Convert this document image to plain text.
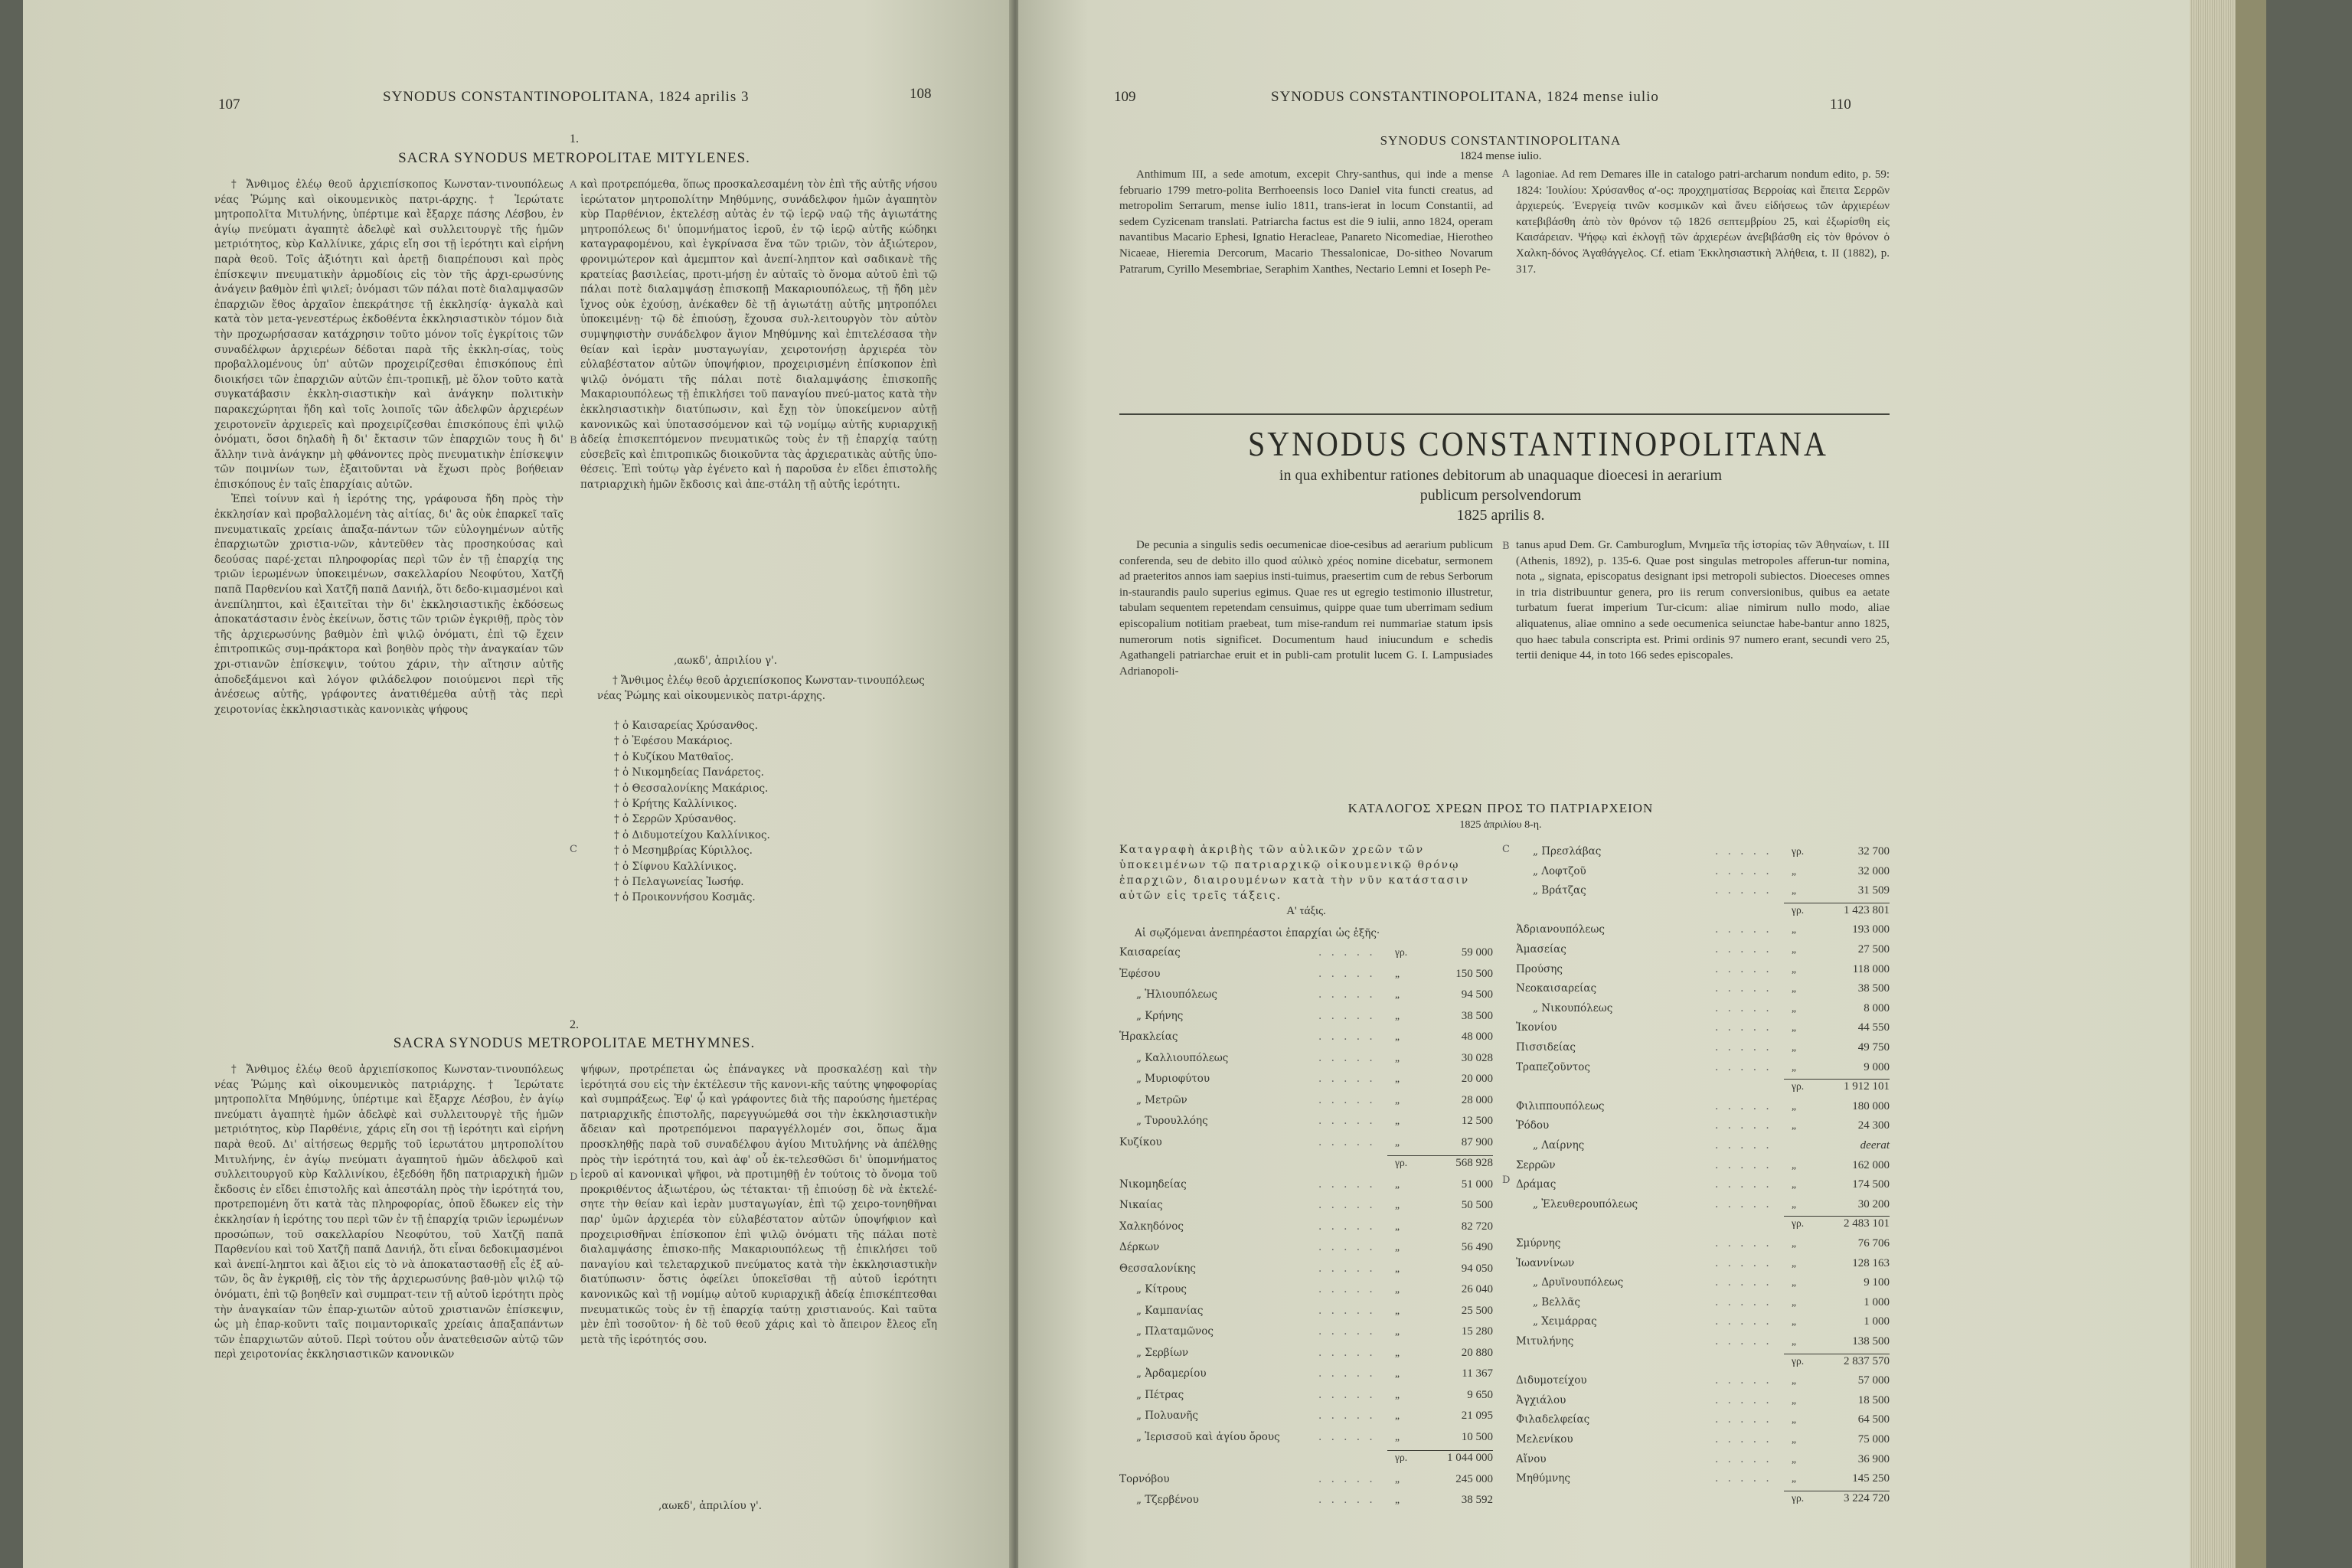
107	SYNODUS CONSTANTINOPOLITANA, 1824 aprilis 3	108
1.
SACRA SYNODUS METROPOLITAE MITYLENES.

† Ἄνθιμος ἐλέῳ θεοῦ ἀρχιεπίσκοπος Κωνσταν-τινουπόλεως νέας Ῥώμης καὶ οἰκουμενικὸς πατρι-άρχης. † Ἱερώτατε μητροπολῖτα Μιτυλήνης, ὑπέρτιμε καὶ ἔξαρχε πάσης Λέσβου, ἐν ἁγίῳ πνεύματι ἀγαπητὲ ἀδελφὲ καὶ συλλειτουργὲ τῆς ἡμῶν μετριότητος, κὺρ Καλλίνικε, χάρις εἴη σοι τῇ ἱερότητι καὶ εἰρήνη παρὰ θεοῦ. Τοῖς ἀξιότητι καὶ ἀρετῇ διαπρέπουσι καὶ πρὸς ἐπίσκεψιν πνευματικὴν ἁρμοδίοις εἰς τὸν τῆς ἀρχι-ερωσύνης ἀνάγειν βαθμὸν ἐπὶ ψιλεῖ; ὀνόμασι τῶν πάλαι ποτὲ διαλαμψασῶν ἐπαρχιῶν ἔθος ἀρχαῖον ἐπεκράτησε τῇ ἐκκλησίᾳ· ἀγκαλὰ καὶ κατὰ τὸν μετα-γενεστέρως ἐκδοθέντα ἐκκλησιαστικὸν τόμον διὰ τὴν προχωρήσασαν κατάχρησιν τοῦτο μόνον τοῖς ἐγκρίτοις τῶν συναδέλφων ἀρχιερέων δέδοται παρὰ τῆς ἐκκλη-σίας, τοὺς προβαλλομένους ὑπ' αὐτῶν προχειρίζεσθαι ἐπισκόπους ἐπὶ διοικήσει τῶν ἐπαρχιῶν αὐτῶν ἐπι-τροπικῇ, μὲ ὅλον τοῦτο κατὰ συγκατάβασιν ἐκκλη-σιαστικὴν καὶ ἀνάγκην πολιτικὴν παρακεχώρηται ἤδη καὶ τοῖς λοιποῖς τῶν ἀδελφῶν ἀρχιερέων χειροτονεῖν ἀρχιερεῖς καὶ προχειρίζεσθαι ἐπισκόπους ἐπὶ ψιλῷ ὀνόματι, ὅσοι δηλαδὴ ἢ δι' ἔκτασιν τῶν ἐπαρχιῶν τους ἢ δι' ἄλλην τινὰ ἀνάγκην μὴ φθάνοντες πρὸς πνευματικὴν ἐπίσκεψιν τῶν ποιμνίων των, ἐξαιτοῦνται νὰ ἔχωσι πρὸς βοήθειαν ἐπισκόπους ἐν ταῖς ἐπαρχίαις αὐτῶν.

Ἐπεὶ τοίνυν καὶ ἡ ἱερότης της, γράφουσα ἤδη πρὸς τὴν ἐκκλησίαν καὶ προβαλλομένη τὰς αἰτίας, δι' ἃς οὐκ ἐπαρκεῖ ταῖς πνευματικαῖς χρείαις ἁπαξα-πάντων τῶν εὐλογημένων αὐτῆς ἐπαρχιωτῶν χριστια-νῶν, κἀντεῦθεν τὰς προσηκούσας καὶ δεούσας παρέ-χεται πληροφορίας περὶ τῶν ἐν τῇ ἐπαρχίᾳ της τριῶν ἱερωμένων ὑποκειμένων, σακελλαρίου Νεοφύτου, Χατζῆ παπᾶ Παρθενίου καὶ Χατζῆ παπᾶ Δανιήλ, ὅτι δεδο-κιμασμένοι καὶ ἀνεπίληπτοι, καὶ ἐξαιτεῖται τὴν δι' ἐκκλησιαστικῆς ἐκδόσεως ἀποκατάστασιν ἑνὸς ἐκείνων, ὅστις τῶν τριῶν ἐγκριθῇ, πρὸς τὸν τῆς ἀρχιερωσύνης βαθμὸν ἐπὶ ψιλῷ ὀνόματι, ἐπὶ τῷ ἔχειν ἐπιτροπικῶς συμ-πράκτορα καὶ βοηθὸν πρὸς τὴν ἀναγκαίαν τῶν χρι-στιανῶν ἐπίσκεψιν, τούτου χάριν, τὴν αἴτησιν αὐτῆς ἀποδεξάμενοι καὶ λόγον φιλάδελφον ποιούμενοι περὶ τῆς ἀνέσεως αὐτῆς, γράφοντες ἀνατιθέμεθα αὐτῇ τὰς περὶ χειροτονίας ἐκκλησιαστικὰς κανονικὰς ψήφους

καὶ προτρεπόμεθα, ὅπως προσκαλεσαμένη τὸν ἐπὶ τῆς αὐτῆς νήσου ἱερώτατον μητροπολίτην Μηθύμνης, συνάδελφον ἡμῶν ἀγαπητὸν κὺρ Παρθένιον, ἐκτελέσῃ αὐτὰς ἐν τῷ ἱερῷ ναῷ τῆς ἁγιωτάτης μητροπόλεως δι' ὑπομνήματος ἱεροῦ, ἐν τῷ ἱερῷ αὐτῆς κώδηκι καταγραφομένου, καὶ ἐγκρίνασα ἕνα τῶν τριῶν, τὸν ἀξιώτερον, φρονιμώτερον καὶ ἀμεμπτον καὶ ἀνεπί-ληπτον καὶ σαδικανὲ τῆς κρατείας βασιλείας, προτι-μήσῃ ἐν αὐταῖς τὸ ὄνομα αὐτοῦ ἐπὶ τῷ πάλαι ποτὲ διαλαμψάσῃ ἐπισκοπῇ Μακαριουπόλεως, τῇ ἤδη μὲν ἴχνος οὐκ ἐχούσῃ, ἀνέκαθεν δὲ τῇ ἁγιωτάτῃ αὐτῆς μητροπόλει ὑποκειμένῃ· τῷ δὲ ἐπιούσῃ, ἔχουσα συλ-λειτουργὸν τὸν αὐτὸν συμψηφιστὴν συνάδελφον ἅγιον Μηθύμνης καὶ ἐπιτελέσασα τὴν θείαν καὶ ἱερὰν μυσταγωγίαν, χειροτονήσῃ ἀρχιερέα τὸν εὐλαβέστατον αὐτῶν ὑποψήφιον, προχειρισμένη ἐπίσκοπον ἐπὶ ψιλῷ ὀνόματι τῆς πάλαι ποτὲ διαλαμψάσης ἐπισκοπῆς Μακαριουπόλεως τῇ ἐπικλήσει τοῦ παναγίου πνεύ-ματος κατὰ τὴν ἐκκλησιαστικὴν διατύπωσιν, καὶ ἔχῃ τὸν ὑποκείμενον αὐτῇ κανονικῶς καὶ ὑποτασσόμενον καὶ τῷ νομίμῳ αὐτῆς κυριαρχικῇ ἀδείᾳ ἐπισκεπτόμενον πνευματικῶς τοὺς ἐν τῇ ἐπαρχίᾳ ταύτῃ εὐσεβεῖς καὶ ἐπιτροπικῶς διοικοῦντα τὰς ἀρχιερατικὰς αὐτῆς ὑπο-θέσεις. Ἐπὶ τούτῳ γὰρ ἐγένετο καὶ ἡ παροῦσα ἐν εἴδει ἐπιστολῆς πατριαρχικὴ ἡμῶν ἔκδοσις καὶ ἀπε-στάλη τῇ αὐτῆς ἱερότητι.

,αωκδ', ἀπριλίου γ'.
† Ἄνθιμος ἐλέῳ θεοῦ ἀρχιεπίσκοπος Κωνσταν-τινουπόλεως νέας Ῥώμης καὶ οἰκουμενικὸς πατρι-άρχης.
† ὁ Καισαρείας Χρύσανθος.
† ὁ Ἐφέσου Μακάριος.
† ὁ Κυζίκου Ματθαῖος.
† ὁ Νικομηδείας Πανάρετος.
† ὁ Θεσσαλονίκης Μακάριος.
† ὁ Κρήτης Καλλίνικος.
† ὁ Σερρῶν Χρύσανθος.
† ὁ Διδυμοτείχου Καλλίνικος.
† ὁ Μεσημβρίας Κύριλλος.
† ὁ Σίφνου Καλλίνικος.
† ὁ Πελαγωνείας Ἰωσήφ.
† ὁ Προικοννήσου Κοσμᾶς.
A
B
C
D
2.
SACRA SYNODUS METROPOLITAE METHYMNES.

† Ἄνθιμος ἐλέῳ θεοῦ ἀρχιεπίσκοπος Κωνσταν-τινουπόλεως νέας Ῥώμης καὶ οἰκουμενικὸς πατριάρχης. † Ἱερώτατε μητροπολῖτα Μηθύμνης, ὑπέρτιμε καὶ ἔξαρχε Λέσβου, ἐν ἁγίῳ πνεύματι ἀγαπητὲ ἡμῶν ἀδελφὲ καὶ συλλειτουργὲ τῆς ἡμῶν μετριότητος, κὺρ Παρθένιε, χάρις εἴη σοι τῇ ἱερότητι καὶ εἰρήνη παρὰ θεοῦ. Δι' αἰτήσεως θερμῆς τοῦ ἱερωτάτου μητροπολίτου Μιτυλήνης, ἐν ἁγίῳ πνεύματι ἀγαπητοῦ ἡμῶν ἀδελφοῦ καὶ συλλειτουργοῦ κὺρ Καλλινίκου, ἐξεδόθη ἤδη πατριαρχικὴ ἡμῶν ἔκδοσις ἐν εἴδει ἐπιστολῆς καὶ ἀπεστάλη πρὸς τὴν ἱερότητά του, προτρεπομένη ὅτι κατὰ τὰς πληροφορίας, ὁποῦ ἔδωκεν εἰς τὴν ἐκκλησίαν ἡ ἱερότης του περὶ τῶν ἐν τῇ ἐπαρχίᾳ τριῶν ἱερωμένων προσώπων, τοῦ σακελλαρίου Νεοφύτου, τοῦ Χατζῆ παπᾶ Παρθενίου καὶ τοῦ Χατζῆ παπᾶ Δανιήλ, ὅτι εἶναι δεδοκιμασμένοι καὶ ἀνεπί-ληπτοι καὶ ἄξιοι εἰς τὸ νὰ ἀποκαταστασθῇ εἷς ἐξ αὐ-τῶν, ὃς ἂν ἐγκριθῇ, εἰς τὸν τῆς ἀρχιερωσύνης βαθ-μὸν ψιλῷ τῷ ὀνόματι, ἐπὶ τῷ βοηθεῖν καὶ συμπρατ-τειν τῇ αὐτοῦ ἱερότητι πρὸς τὴν ἀναγκαίαν τῶν ἐπαρ-χιωτῶν αὐτοῦ χριστιανῶν ἐπίσκεψιν, ὡς μὴ ἐπαρ-κοῦντι ταῖς ποιμαντορικαῖς χρείαις ἁπαξαπάντων τῶν ἐπαρχιωτῶν αὐτοῦ. Περὶ τούτου οὖν ἀνατεθεισῶν αὐτῷ τῶν περὶ χειροτονίας ἐκκλησιαστικῶν κανονικῶν

ψήφων, προτρέπεται ὡς ἐπάναγκες νὰ προσκαλέσῃ καὶ τὴν ἱερότητά σου εἰς τὴν ἐκτέλεσιν τῆς κανονι-κῆς ταύτης ψηφοφορίας καὶ συμπράξεως. Ἐφ' ᾧ καὶ γράφοντες διὰ τῆς παρούσης ἡμετέρας πατριαρχικῆς ἐπιστολῆς, παρεγγυώμεθά σοι τὴν ἐκκλησιαστικὴν ἄδειαν καὶ προτρεπόμενοι παραγγέλλομέν σοι, ὅπως ἅμα προσκληθῇς παρὰ τοῦ συναδέλφου ἁγίου Μιτυλήνης νὰ ἀπέλθῃς πρὸς τὴν ἱερότητά του, καὶ ἀφ' οὗ ἐκ-τελεσθῶσι δι' ὑπομνήματος ἱεροῦ αἱ κανονικαὶ ψῆφοι, νὰ προτιμηθῇ ἐν τούτοις τὸ ὄνομα τοῦ προκριθέντος ἀξιωτέρου, ὡς τέτακται· τῇ ἐπιούσῃ δὲ νὰ ἐκτελέ-σητε τὴν θείαν καὶ ἱερὰν μυσταγωγίαν, ἐπὶ τῷ χειρο-τονηθῆναι παρ' ὑμῶν ἀρχιερέα τὸν εὐλαβέστατον αὐτῶν ὑποψήφιον καὶ προχειρισθῆναι ἐπίσκοπον ἐπὶ ψιλῷ ὀνόματι τῆς πάλαι ποτὲ διαλαμψάσης ἐπισκο-πῆς Μακαριουπόλεως τῇ ἐπικλήσει τοῦ παναγίου καὶ τελεταρχικοῦ πνεύματος κατὰ τὴν ἐκκλησιαστικὴν διατύπωσιν· ὅστις ὀφείλει ὑποκεῖσθαι τῇ αὐτοῦ ἱερότητι κανονικῶς καὶ τῇ νομίμῳ αὐτοῦ κυριαρχικῇ ἀδείᾳ ἐπισκέπτεσθαι πνευματικῶς τοὺς ἐν τῇ ἐπαρχίᾳ ταύτῃ χριστιανούς. Καὶ ταῦτα μὲν ἐπὶ τοσοῦτον· ἡ δὲ τοῦ θεοῦ χάρις καὶ τὸ ἄπειρον ἔλεος εἴη μετὰ τῆς ἱερότητός σου.

,αωκδ', ἀπριλίου γ'.
109	SYNODUS CONSTANTINOPOLITANA, 1824 mense iulio	110
SYNODUS CONSTANTINOPOLITANA
1824 mense iulio.

Anthimum III, a sede amotum, excepit Chry-santhus, qui inde a mense februario 1799 metro-polita Berrhoeensis loco Daniel vita functi creatus, ad metropolim Serrarum, mense iulio 1811, trans-ierat in locum Constantii, ad sedem Cyzicenam translati. Patriarcha factus est die 9 iulii, anno 1824, operam navantibus Macario Ephesi, Ignatio Heracleae, Panareto Nicomediae, Hierotheo Nicaeae, Hieremia Dercorum, Macario Thessalonicae, Do-sitheo Novarum Patrarum, Cyrillo Mesembriae, Seraphim Xanthes, Nectario Lemni et Ioseph Pe-

lagoniae. Ad rem Demares ille in catalogo patri-archarum nondum edito, p. 59: 1824: Ἰουλίου: Χρύσανθος α'-ος: προχχηματίσας Βερροίας καὶ ἔπειτα Σερρῶν ἀρχιερεύς. Ἐνεργείᾳ τινῶν κοσμικῶν καὶ ἄνευ εἰδήσεως τῶν ἀρχιερέων κατεβιβάσθη ἀπὸ τὸν θρόνον τῷ 1826 σεπτεμβρίου 25, καὶ ἐξωρίσθη εἰς Καισάρειαν. Ψήφῳ καὶ ἐκλογῇ τῶν ἀρχιερέων ἀνεβιβάσθη εἰς τὸν θρόνον ὁ Χαλκη-δόνος Ἀγαθάγγελος. Cf. etiam Ἐκκλησιαστικὴ Ἀλήθεια, t. II (1882), p. 317.

A
SYNODUS CONSTANTINOPOLITANA
in qua exhibentur rationes debitorum ab unaquaque dioecesi in aerarium
publicum persolvendorum
1825 aprilis 8.

De pecunia a singulis sedis oecumenicae dioe-cesibus ad aerarium publicum conferenda, seu de debito illo quod αὐλικὸ χρέος nomine dicebatur, sermonem ad praeteritos annos iam saepius insti-tuimus, praesertim cum de rebus Serborum in-staurandis paulo superius egimus. Quae res ut egregio testimonio illustretur, tabulam sequentem repetendam censuimus, quippe quae tum uberrimam sedium episcopalium notitiam praebeat, tum mise-randum rei nummariae statum ipsis numerorum notis significet. Documentum haud iniucundum e schedis Agathangeli patriarchae eruit et in publi-cam protulit lucem G. I. Lampusiades Adrianopoli-

tanus apud Dem. Gr. Camburoglum, Μνημεῖα τῆς ἱστορίας τῶν Ἀθηναίων, t. III (Athenis, 1892), p. 135-6. Quae post singulas metropoles afferun-tur nomina, nota „ signata, episcopatus designant ipsi metropoli subiectos. Dioeceses omnes in tria distribuuntur genera, pro iis rerum conversionibus, quibus ea aetate turbatum fuerat imperium Tur-cicum: aliae nimirum nullo modo, aliae aliquatenus, aliae omnino a sede oecumenica seiunctae habe-bantur anno 1825, quo haec tabula conscripta est. Primi ordinis 97 numero erant, secundi vero 25, tertii denique 44, in toto 166 sedes episcopales.

B
ΚΑΤΑΛΟΓΟΣ ΧΡΕΩΝ ΠΡΟΣ ΤΟ ΠΑΤΡΙΑΡΧΕΙΟΝ
1825 ἀπριλίου 8-η.
Καταγραφὴ ἀκριβὴς τῶν αὐλικῶν χρεῶν τῶν ὑποκειμένων τῷ πατριαρχικῷ οἰκουμενικῷ θρόνῳ ἐπαρχιῶν, διαιρουμένων κατὰ τὴν νῦν κατάστασιν αὐτῶν εἰς τρεῖς τάξεις.
C
Α' τάξις.
Αἱ σῳζόμεναι ἀνεπηρέαστοι ἐπαρχίαι ὡς ἑξῆς·
Καισαρείας	. . . . . γρ.	59 000
Ἐφέσου	. . . . . „	150 500
„ Ἡλιουπόλεως	. . . . . „	94 500
„ Κρήνης	. . . . . „	38 500
Ἡρακλείας	. . . . . „	48 000
„ Καλλιουπόλεως	. . . . . „	30 028
„ Μυριοφύτου	. . . . . „	20 000
„ Μετρῶν	. . . . . „	28 000
„ Τυρουλλόης	. . . . . „	12 500
Κυζίκου	. . . . . „	87 900
γρ.	568 928
Νικομηδείας	. . . . . „	51 000
Νικαίας	. . . . . „	50 500
Χαλκηδόνος	. . . . . „	82 720
Δέρκων	. . . . . „	56 490
Θεσσαλονίκης	. . . . . „	94 050
„ Κίτρους	. . . . . „	26 040
„ Καμπανίας	. . . . . „	25 500
„ Πλαταμῶνος	. . . . . „	15 280
„ Σερβίων	. . . . . „	20 880
„ Ἀρδαμερίου	. . . . . „	11 367
„ Πέτρας	. . . . . „	9 650
„ Πολυανῆς	. . . . . „	21 095
„ Ἱερισσοῦ καὶ ἁγίου ὄρους	. . . . . „	10 500
γρ.	1 044 000
Τορνόβου	. . . . . „	245 000
„ Τζερβένου	. . . . . „	38 592
D
„ Πρεσλάβας	. . . . . γρ.	32 700
„ Λοφτζοῦ	. . . . . „	32 000
„ Βράτζας	. . . . . „	31 509
γρ.	1 423 801
Ἀδριανουπόλεως	. . . . . „	193 000
Ἀμασείας	. . . . . „	27 500
Προύσης	. . . . . „	118 000
Νεοκαισαρείας	. . . . . „	38 500
„ Νικουπόλεως	. . . . . „	8 000
Ἰκονίου	. . . . . „	44 550
Πισσιδείας	. . . . . „	49 750
Τραπεζοῦντος	. . . . . „	9 000
γρ.	1 912 101
Φιλιππουπόλεως	. . . . . „	180 000
Ῥόδου	. . . . . „	24 300
„ Λαίρνης	. . . . .	deerat
Σερρῶν	. . . . . „	162 000
Δράμας	. . . . . „	174 500
„ Ἐλευθερουπόλεως	. . . . . „	30 200
γρ.	2 483 101
Σμύρνης	. . . . . „	76 706
Ἰωαννίνων	. . . . . „	128 163
„ Δρυϊνουπόλεως	. . . . . „	9 100
„ Βελλᾶς	. . . . . „	1 000
„ Χειμάρρας	. . . . . „	1 000
Μιτυλήνης	. . . . . „	138 500
γρ.	2 837 570
Διδυμοτείχου	. . . . . „	57 000
Ἀγχιάλου	. . . . . „	18 500
Φιλαδελφείας	. . . . . „	64 500
Μελενίκου	. . . . . „	75 000
Αἴνου	. . . . . „	36 900
Μηθύμνης	. . . . . „	145 250
γρ.	3 224 720
